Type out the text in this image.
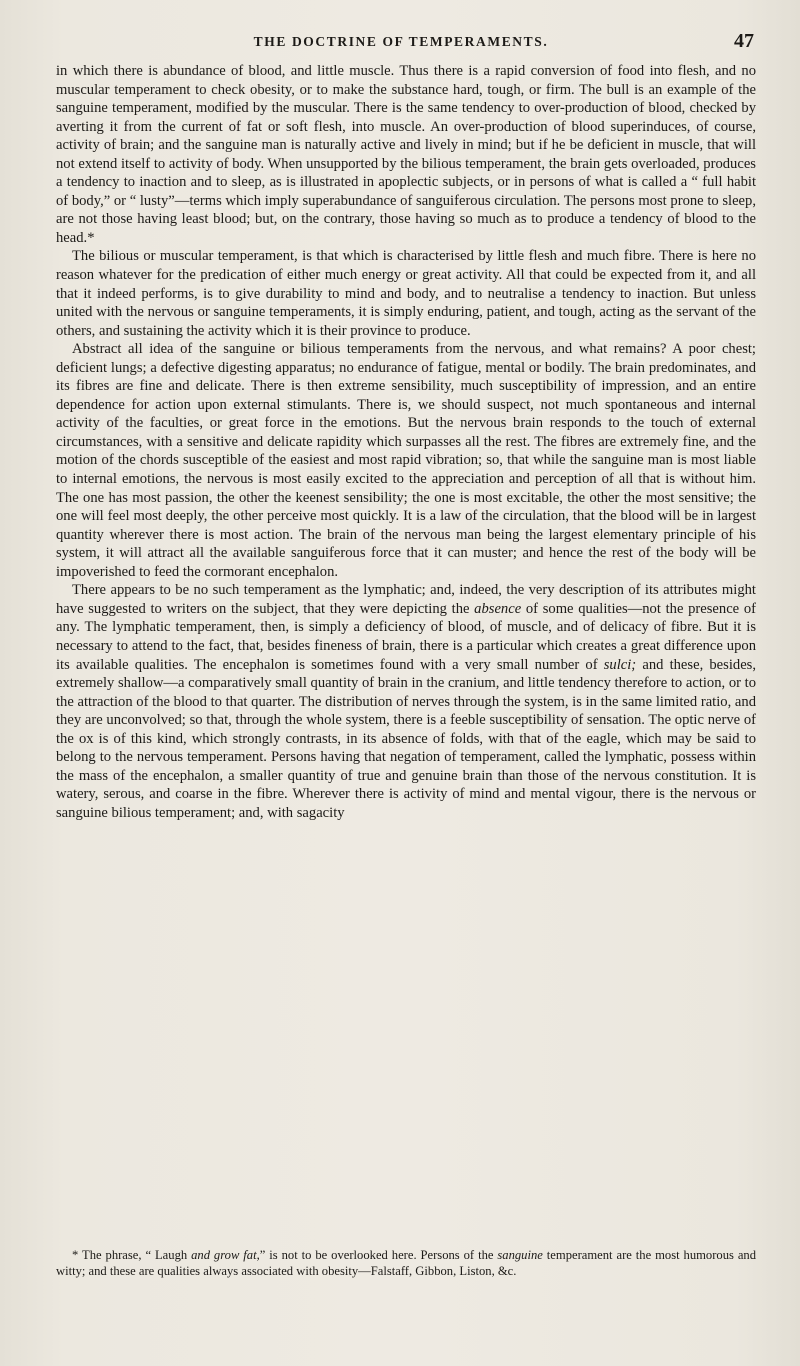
THE DOCTRINE OF TEMPERAMENTS.	47

in which there is abundance of blood, and little muscle. Thus there is a rapid conversion of food into flesh, and no muscular temperament to check obesity, or to make the substance hard, tough, or firm. The bull is an example of the sanguine temperament, modified by the muscular. There is the same tendency to over-production of blood, checked by averting it from the current of fat or soft flesh, into muscle. An over-production of blood superinduces, of course, activity of brain; and the sanguine man is naturally active and lively in mind; but if he be deficient in muscle, that will not extend itself to activity of body. When unsupported by the bilious temperament, the brain gets overloaded, produces a tendency to inaction and to sleep, as is illustrated in apoplectic subjects, or in persons of what is called a “ full habit of body,” or “ lusty”—terms which imply superabundance of sanguiferous circulation. The persons most prone to sleep, are not those having least blood; but, on the contrary, those having so much as to produce a tendency of blood to the head.*

The bilious or muscular temperament, is that which is characterised by little flesh and much fibre. There is here no reason whatever for the predication of either much energy or great activity. All that could be expected from it, and all that it indeed performs, is to give durability to mind and body, and to neutralise a tendency to inaction. But unless united with the nervous or sanguine temperaments, it is simply enduring, patient, and tough, acting as the servant of the others, and sustaining the activity which it is their province to produce.

Abstract all idea of the sanguine or bilious temperaments from the nervous, and what remains? A poor chest; deficient lungs; a defective digesting apparatus; no endurance of fatigue, mental or bodily. The brain predominates, and its fibres are fine and delicate. There is then extreme sensibility, much susceptibility of impression, and an entire dependence for action upon external stimulants. There is, we should suspect, not much spontaneous and internal activity of the faculties, or great force in the emotions. But the nervous brain responds to the touch of external circumstances, with a sensitive and delicate rapidity which surpasses all the rest. The fibres are extremely fine, and the motion of the chords susceptible of the easiest and most rapid vibration; so, that while the sanguine man is most liable to internal emotions, the nervous is most easily excited to the appreciation and perception of all that is without him. The one has most passion, the other the keenest sensibility; the one is most excitable, the other the most sensitive; the one will feel most deeply, the other perceive most quickly. It is a law of the circulation, that the blood will be in largest quantity wherever there is most action. The brain of the nervous man being the largest elementary principle of his system, it will attract all the available sanguiferous force that it can muster; and hence the rest of the body will be impoverished to feed the cormorant encephalon.

There appears to be no such temperament as the lymphatic; and, indeed, the very description of its attributes might have suggested to writers on the subject, that they were depicting the absence of some qualities—not the presence of any. The lymphatic temperament, then, is simply a deficiency of blood, of muscle, and of delicacy of fibre. But it is necessary to attend to the fact, that, besides fineness of brain, there is a particular which creates a great difference upon its available qualities. The encephalon is sometimes found with a very small number of sulci; and these, besides, extremely shallow—a comparatively small quantity of brain in the cranium, and little tendency therefore to action, or to the attraction of the blood to that quarter. The distribution of nerves through the system, is in the same limited ratio, and they are unconvolved; so that, through the whole system, there is a feeble susceptibility of sensation. The optic nerve of the ox is of this kind, which strongly contrasts, in its absence of folds, with that of the eagle, which may be said to belong to the nervous temperament. Persons having that negation of temperament, called the lymphatic, possess within the mass of the encephalon, a smaller quantity of true and genuine brain than those of the nervous constitution. It is watery, serous, and coarse in the fibre. Wherever there is activity of mind and mental vigour, there is the nervous or sanguine bilious temperament; and, with sagacity

* The phrase, “ Laugh and grow fat,” is not to be overlooked here. Persons of the sanguine temperament are the most humorous and witty; and these are qualities always associated with obesity—Falstaff, Gibbon, Liston, &c.
